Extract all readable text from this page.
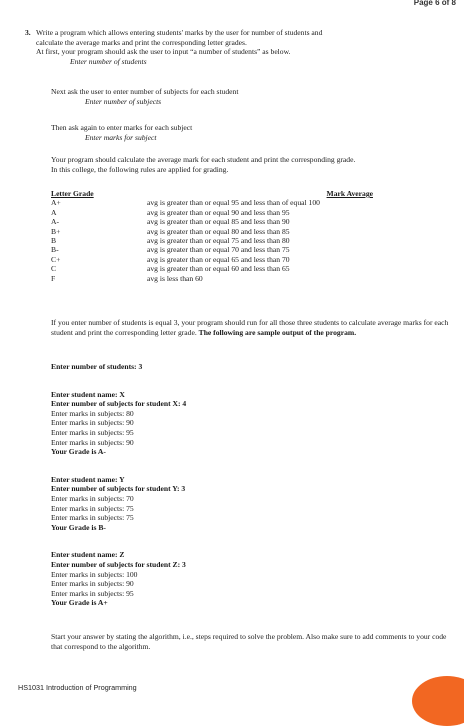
Page 6 of 8
3. Write a program which allows entering students' marks by the user for number of students and

calculate the average marks and print the corresponding letter grades.

At first, your program should ask the user to input “a number of students” as below.

Enter number of students

Next ask the user to enter number of subjects for each student

Enter number of subjects

Then ask again to enter marks for each subject

Enter marks for subject

Your program should calculate the average mark for each student and print the corresponding grade.

In this college, the following rules are applied for grading.

Letter Grade	Mark Average
A+	avg is greater than or equal 95 and less than of equal 100
A	avg is greater than or equal 90 and less than 95
A-	avg is greater than or equal 85 and less than 90
B+	avg is greater than or equal 80 and less than 85
B	avg is greater than or equal 75 and less than 80
B-	avg is greater than or equal 70 and less than 75
C+	avg is greater than or equal 65 and less than 70
C	avg is greater than or equal 60 and less than 65
F	avg is less than 60

If you enter number of students is equal 3, your program should run for all those three students to calculate average marks for each student and print the corresponding letter grade. The following are sample output of the program.

Enter number of students: 3

Enter student name: X

Enter number of subjects for student X: 4

Enter marks in subjects: 80

Enter marks in subjects: 90

Enter marks in subjects: 95

Enter marks in subjects: 90

Your Grade is A-

Enter student name: Y

Enter number of subjects for student Y: 3

Enter marks in subjects: 70

Enter marks in subjects: 75

Enter marks in subjects: 75

Your Grade is B-

Enter student name: Z

Enter number of subjects for student Z: 3

Enter marks in subjects: 100

Enter marks in subjects: 90

Enter marks in subjects: 95

Your Grade is A+

Start your answer by stating the algorithm, i.e., steps required to solve the problem. Also make sure to add comments to your code that correspond to the algorithm.

HS1031 Introduction of Programming
